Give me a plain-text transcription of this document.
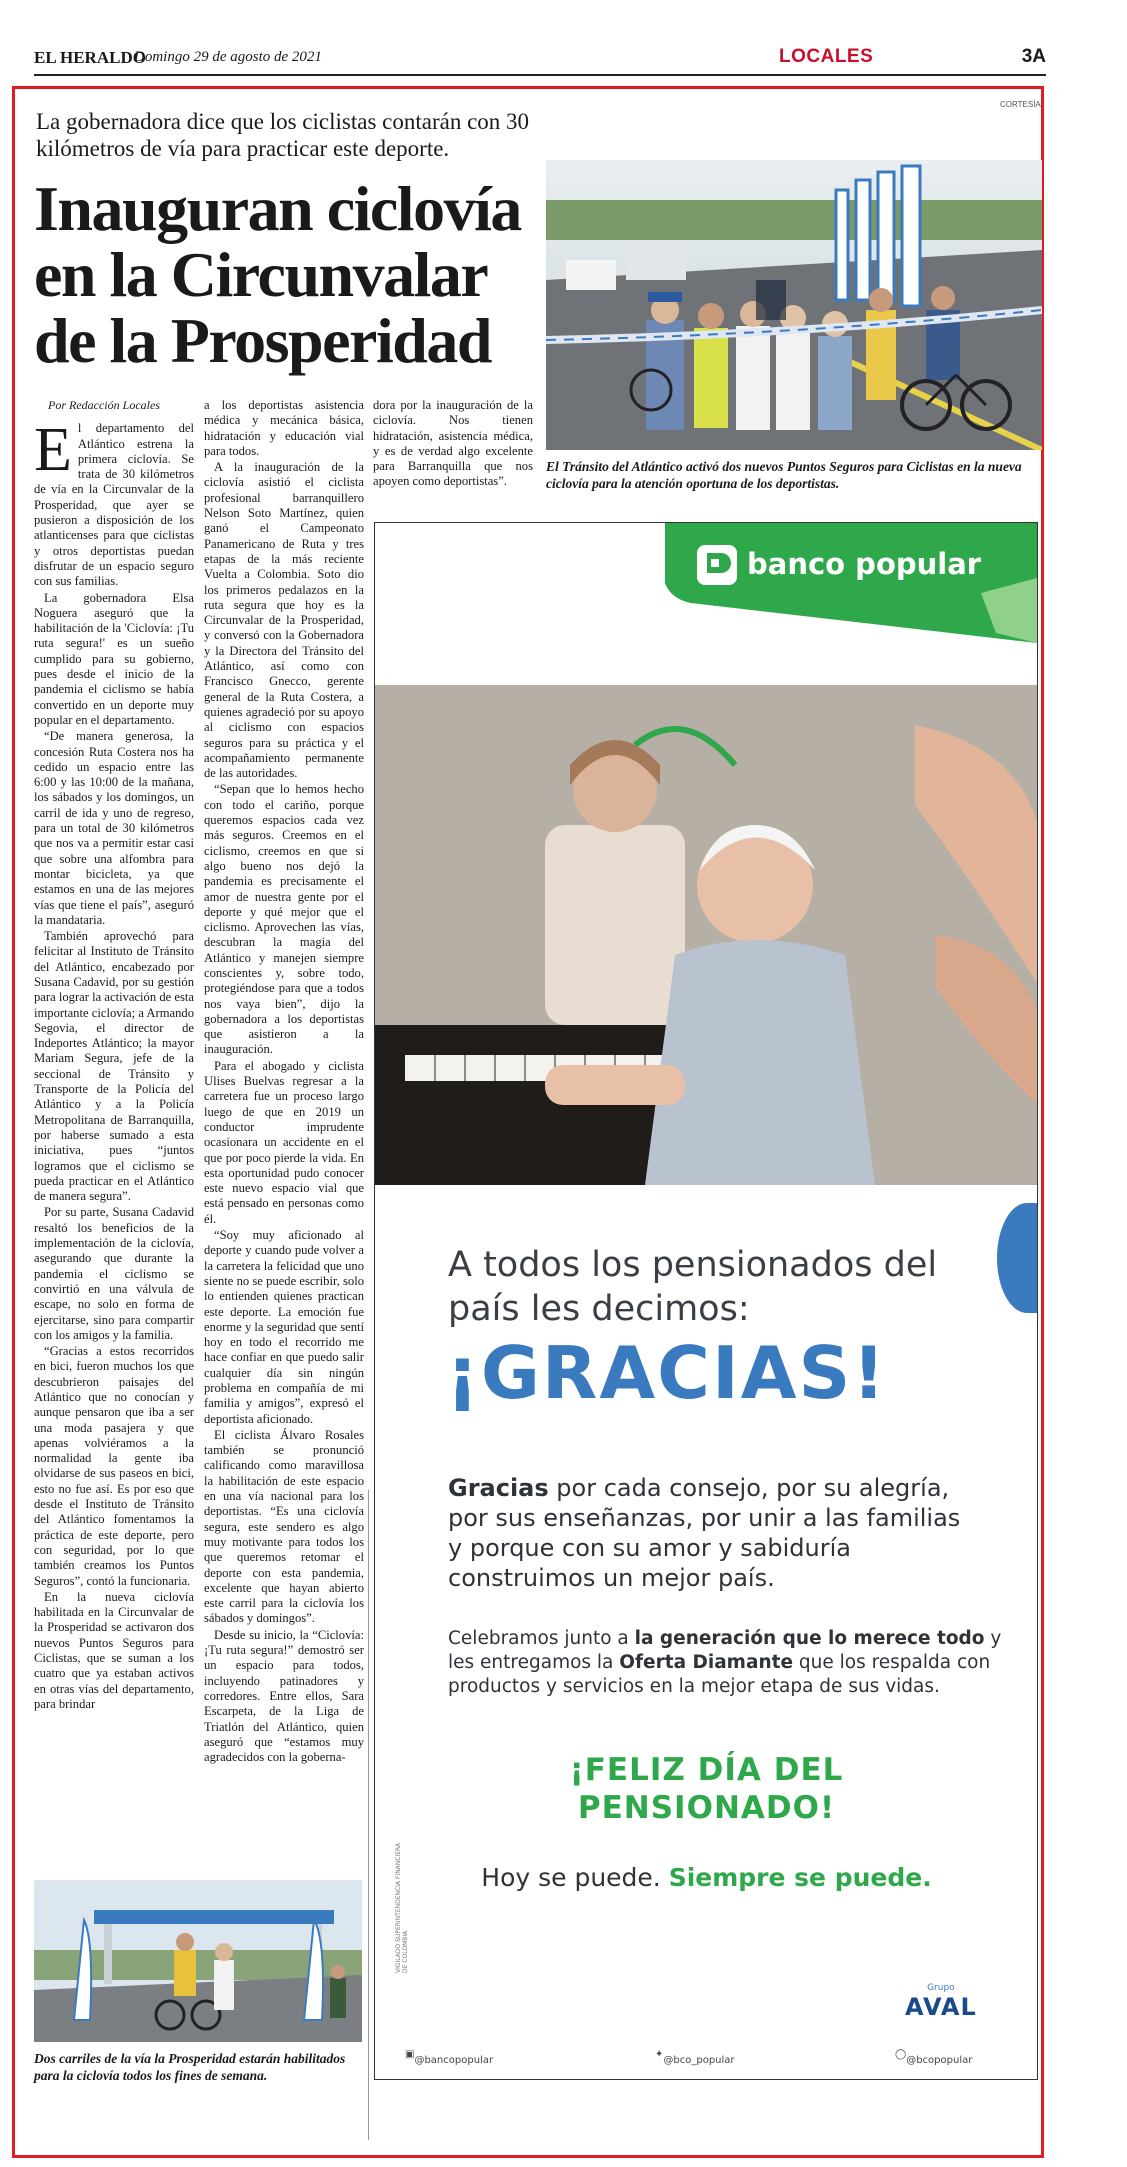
EL HERALDO
Domingo 29 de agosto de 2021	LOCALES	3A
La gobernadora dice que los ciclistas contarán con 30 kilómetros de vía para practicar este deporte.
Inauguran ciclovía en la Circunvalar de la Prosperidad
CORTESÍA
El Tránsito del Atlántico activó dos nuevos Puntos Seguros para Ciclistas en la nueva ciclovía para la atención oportuna de los deportistas.

Por Redacción Locales

El departamento del Atlántico estrena la primera ciclovía. Se trata de 30 kilómetros de vía en la Circunvalar de la Prosperidad, que ayer se pusieron a disposición de los atlanticenses para que ciclistas y otros deportistas puedan disfrutar de un espacio seguro con sus familias.

La gobernadora Elsa Noguera aseguró que la habilitación de la 'Ciclovía: ¡Tu ruta segura!' es un sueño cumplido para su gobierno, pues desde el inicio de la pandemia el ciclismo se había convertido en un deporte muy popular en el departamento.

“De manera generosa, la concesión Ruta Costera nos ha cedido un espacio entre las 6:00 y las 10:00 de la mañana, los sábados y los domingos, un carril de ida y uno de regreso, para un total de 30 kilómetros que nos va a permitir estar casi que sobre una alfombra para montar bicicleta, ya que estamos en una de las mejores vías que tiene el país”, aseguró la mandataria.

También aprovechó para felicitar al Instituto de Tránsito del Atlántico, encabezado por Susana Cadavid, por su gestión para lograr la activación de esta importante ciclovía; a Armando Segovia, el director de Indeportes Atlántico; la mayor Mariam Segura, jefe de la seccional de Tránsito y Transporte de la Policía del Atlántico y a la Policía Metropolitana de Barranquilla, por haberse sumado a esta iniciativa, pues “juntos logramos que el ciclismo se pueda practicar en el Atlántico de manera segura”.

Por su parte, Susana Cadavid resaltó los beneficios de la implementación de la ciclovía, asegurando que durante la pandemia el ciclismo se convirtió en una válvula de escape, no solo en forma de ejercitarse, sino para compartir con los amigos y la familia.

“Gracias a estos recorridos en bici, fueron muchos los que descubrieron paisajes del Atlántico que no conocían y aunque pensaron que iba a ser una moda pasajera y que apenas volviéramos a la normalidad la gente iba olvidarse de sus paseos en bici, esto no fue así. Es por eso que desde el Instituto de Tránsito del Atlántico fomentamos la práctica de este deporte, pero con seguridad, por lo que también creamos los Puntos Seguros”, contó la funcionaria.

En la nueva ciclovía habilitada en la Circunvalar de la Prosperidad se activaron dos nuevos Puntos Seguros para Ciclistas, que se suman a los cuatro que ya estaban activos en otras vías del departamento, para brindar

a los deportistas asistencia médica y mecánica básica, hidratación y educación vial para todos.

A la inauguración de la ciclovía asistió el ciclista profesional barranquillero Nelson Soto Martínez, quien ganó el Campeonato Panamericano de Ruta y tres etapas de la más reciente Vuelta a Colombia. Soto dio los primeros pedalazos en la ruta segura que hoy es la Circunvalar de la Prosperidad, y conversó con la Gobernadora y la Directora del Tránsito del Atlántico, así como con Francisco Gnecco, gerente general de la Ruta Costera, a quienes agradeció por su apoyo al ciclismo con espacios seguros para su práctica y el acompañamiento permanente de las autoridades.

“Sepan que lo hemos hecho con todo el cariño, porque queremos espacios cada vez más seguros. Creemos en el ciclismo, creemos en que si algo bueno nos dejó la pandemia es precisamente el amor de nuestra gente por el deporte y qué mejor que el ciclismo. Aprovechen las vías, descubran la magia del Atlántico y manejen siempre conscientes y, sobre todo, protegiéndose para que a todos nos vaya bien”, dijo la gobernadora a los deportistas que asistieron a la inauguración.

Para el abogado y ciclista Ulises Buelvas regresar a la carretera fue un proceso largo luego de que en 2019 un conductor imprudente ocasionara un accidente en el que por poco pierde la vida. En esta oportunidad pudo conocer este nuevo espacio vial que está pensado en personas como él.

“Soy muy aficionado al deporte y cuando pude volver a la carretera la felicidad que uno siente no se puede escribir, solo lo entienden quienes practican este deporte. La emoción fue enorme y la seguridad que sentí hoy en todo el recorrido me hace confiar en que puedo salir cualquier día sin ningún problema en compañía de mi familia y amigos”, expresó el deportista aficionado.

El ciclista Álvaro Rosales también se pronunció calificando como maravillosa la habilitación de este espacio en una vía nacional para los deportistas. “Es una ciclovía segura, este sendero es algo muy motivante para todos los que queremos retomar el deporte con esta pandemia, excelente que hayan abierto este carril para la ciclovía los sábados y domingos”.

Desde su inicio, la “Ciclovía: ¡Tu ruta segura!” demostró ser un espacio para todos, incluyendo patinadores y corredores. Entre ellos, Sara Escarpeta, de la Liga de Triatlón del Atlántico, quien aseguró que “estamos muy agradecidos con la goberna-

dora por la inauguración de la ciclovía. Nos tienen hidratación, asistencia médica, y es de verdad algo excelente para Barranquilla que nos apoyen como deportistas”.

Dos carriles de la vía la Prosperidad estarán habilitados para la ciclovía todos los fines de semana.
banco popular
A todos los pensionados del país les decimos:
¡GRACIAS!
Gracias por cada consejo, por su alegría, por sus enseñanzas, por unir a las familias y porque con su amor y sabiduría construimos un mejor país.
Celebramos junto a la generación que lo merece todo y les entregamos la Oferta Diamante que los respalda con productos y servicios en la mejor etapa de sus vidas.
¡FELIZ DÍA DEL PENSIONADO!
Hoy se puede. Siempre se puede.
VIGILADO SUPERINTENDENCIA FINANCIERA DE COLOMBIA
Grupo
AVAL
▣
@bancopopular
✦
@bco_popular
◯
@bcopopular
